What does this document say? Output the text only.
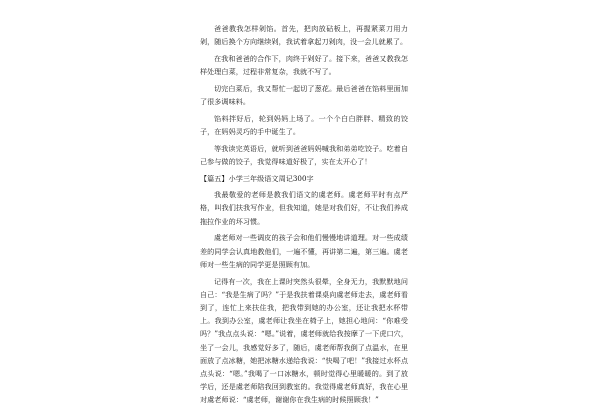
爸爸教我怎样剁馅。首先，把肉放砧板上，再握紧菜刀用力剁，随后换个方向继续剁，我试着拿起刀剁肉，没一会儿就累了。

在我和爸爸的合作下，肉终于剁好了。接下来，爸爸又教我怎样处理白菜，过程非常复杂，我就不写了。

切完白菜后，我又帮忙一起切了葱花。最后爸爸在馅料里面加了很多调味料。

馅料拌好后，轮到妈妈上场了。一个个白白胖胖、精致的饺子，在妈妈灵巧的手中诞生了。

等我读完英语后，就听到爸爸妈妈喊我和弟弟吃饺子。吃着自己参与做的饺子，我觉得味道好极了，实在太开心了！

【篇五】小学三年级语文周记300字

我最敬爱的老师是教我们语文的虞老师。虞老师平时有点严格，叫我们扶我写作业，但我知道，她是对我们好，不让我们养成拖拉作业的坏习惯。

虞老师对一些调皮的孩子会和他们慢慢地讲道理。对一些成绩差的同学会认真地教他们，一遍不懂，再讲第二遍，第三遍。虞老师对一些生病的同学更是照顾有加。

记得有一次，我在上课时突然头很晕，全身无力，我默默地问自己：“我是生病了吗？”于是我扶着课桌向虞老师走去，虞老师看到了，连忙上来扶住我，把我带到她的办公室，还让我把水杯带上。我到办公室，虞老师让我坐在椅子上，她担心地问：“你难受吗？”我点点头说：“嗯。”说着，虞老师就给我按摩了一下虎口穴，坐了一会儿，我感觉好多了，随后，虞老师帮我倒了点温水，在里面放了点冰糖，她把冰糖水递给我说：“快喝了吧！”我接过水杯点点头说：“嗯。”我喝了一口冰糖水，顿时觉得心里暖暖的。到了放学后，还是虞老师陪我回到教室的。我觉得虞老师真好，我在心里对虞老师说：“虞老师，谢谢你在我生病的时候照顾我！”
